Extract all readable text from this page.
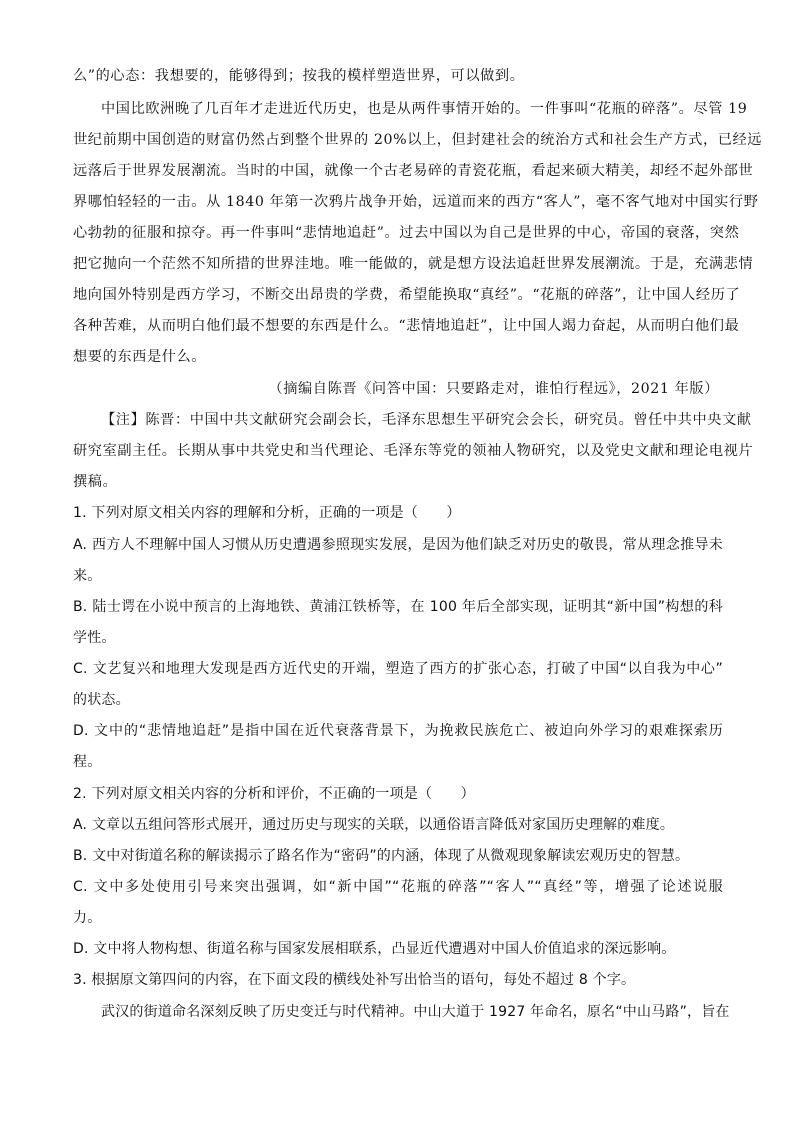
么”的心态：我想要的，能够得到；按我的模样塑造世界，可以做到。
中国比欧洲晚了几百年才走进近代历史，也是从两件事情开始的。一件事叫“花瓶的碎落”。尽管 19
世纪前期中国创造的财富仍然占到整个世界的 20%以上，但封建社会的统治方式和社会生产方式，已经远
远落后于世界发展潮流。当时的中国，就像一个古老易碎的青瓷花瓶，看起来硕大精美，却经不起外部世
界哪怕轻轻的一击。从 1840 年第一次鸦片战争开始，远道而来的西方“客人”，毫不客气地对中国实行野
心勃勃的征服和掠夺。再一件事叫“悲情地追赶”。过去中国以为自己是世界的中心，帝国的衰落，突然
把它抛向一个茫然不知所措的世界洼地。唯一能做的，就是想方设法追赶世界发展潮流。于是，充满悲情
地向国外特别是西方学习，不断交出昂贵的学费，希望能换取“真经”。“花瓶的碎落”，让中国人经历了
各种苦难，从而明白他们最不想要的东西是什么。“悲情地追赶”，让中国人竭力奋起，从而明白他们最
想要的东西是什么。
（摘编自陈晋《问答中国：只要路走对，谁怕行程远》，2021 年版）
【注】陈晋：中国中共文献研究会副会长，毛泽东思想生平研究会会长，研究员。曾任中共中央文献
研究室副主任。长期从事中共党史和当代理论、毛泽东等党的领袖人物研究，以及党史文献和理论电视片
撰稿。
1. 下列对原文相关内容的理解和分析，正确的一项是（　　）
A. 西方人不理解中国人习惯从历史遭遇参照现实发展，是因为他们缺乏对历史的敬畏，常从理念推导未
来。
B. 陆士谔在小说中预言的上海地铁、黄浦江铁桥等，在 100 年后全部实现，证明其“新中国”构想的科
学性。
C. 文艺复兴和地理大发现是西方近代史的开端，塑造了西方的扩张心态，打破了中国“以自我为中心”
的状态。
D. 文中的“悲情地追赶”是指中国在近代衰落背景下，为挽救民族危亡、被迫向外学习的艰难探索历
程。
2. 下列对原文相关内容的分析和评价，不正确的一项是（　　）
A. 文章以五组问答形式展开，通过历史与现实的关联，以通俗语言降低对家国历史理解的难度。
B. 文中对街道名称的解读揭示了路名作为“密码”的内涵，体现了从微观现象解读宏观历史的智慧。
C. 文中多处使用引号来突出强调，如“新中国”“花瓶的碎落”“客人”“真经”等，增强了论述说服
力。
D. 文中将人物构想、街道名称与国家发展相联系，凸显近代遭遇对中国人价值追求的深远影响。
3. 根据原文第四问的内容，在下面文段的横线处补写出恰当的语句，每处不超过 8 个字。
武汉的街道命名深刻反映了历史变迁与时代精神。中山大道于 1927 年命名，原名“中山马路”，旨在
